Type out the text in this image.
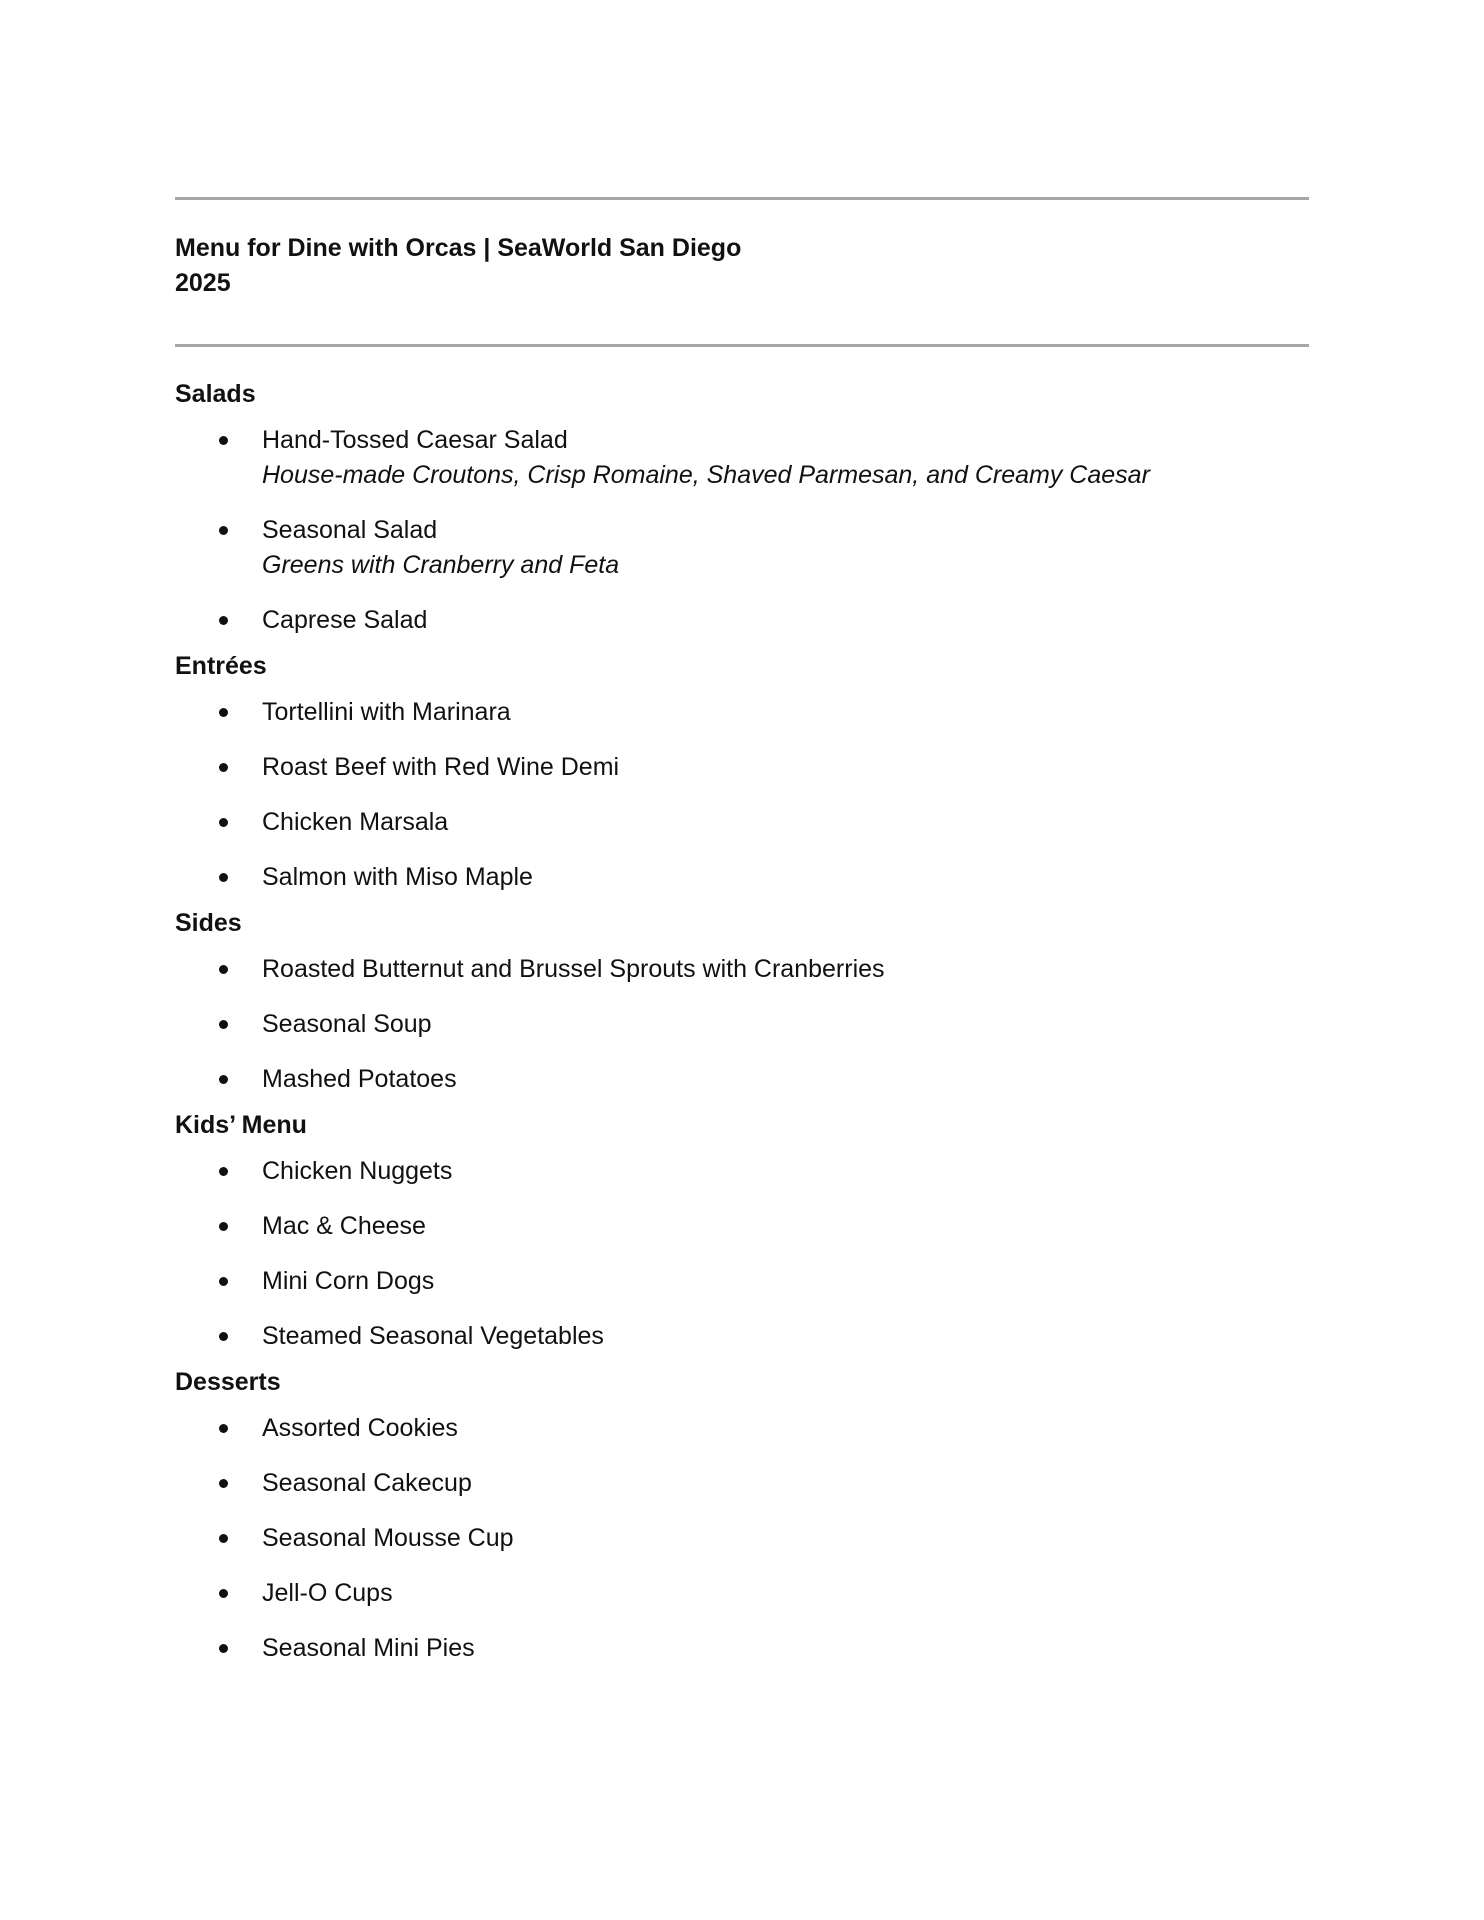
Menu for Dine with Orcas | SeaWorld San Diego
2025

Salads

Hand-Tossed Caesar Salad
House-made Croutons, Crisp Romaine, Shaved Parmesan, and Creamy Caesar
Seasonal Salad
Greens with Cranberry and Feta
Caprese Salad

Entrées

Tortellini with Marinara
Roast Beef with Red Wine Demi
Chicken Marsala
Salmon with Miso Maple

Sides

Roasted Butternut and Brussel Sprouts with Cranberries
Seasonal Soup
Mashed Potatoes

Kids’ Menu

Chicken Nuggets
Mac & Cheese
Mini Corn Dogs
Steamed Seasonal Vegetables

Desserts

Assorted Cookies
Seasonal Cakecup
Seasonal Mousse Cup
Jell-O Cups
Seasonal Mini Pies
